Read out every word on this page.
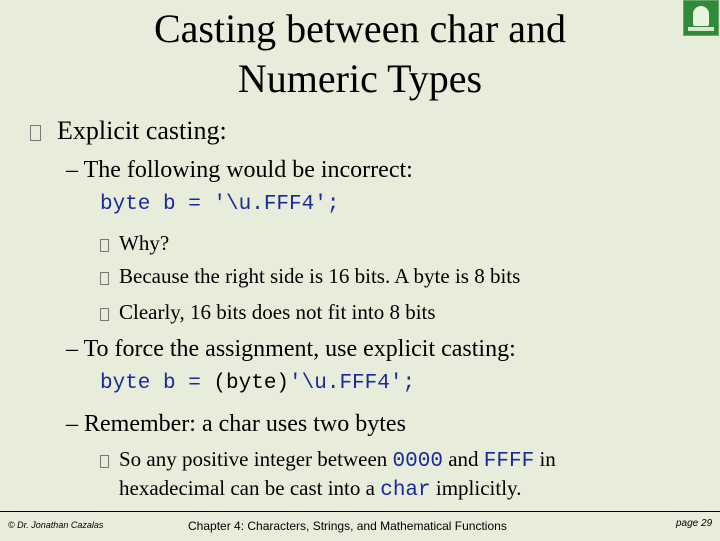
Casting between char and
Numeric Types
Explicit casting:
– The following would be incorrect:
byte b = '\u.FFF4';
Why?
Because the right side is 16 bits. A byte is 8 bits
Clearly, 16 bits does not fit into 8 bits
– To force the assignment, use explicit casting:
byte b = (byte)'\u.FFF4';
– Remember: a char uses two bytes
So any positive integer between 0000 and FFFF in
hexadecimal can be cast into a char implicitly.
© Dr. Jonathan Cazalas	Chapter 4: Characters, Strings, and Mathematical Functions	page 29
